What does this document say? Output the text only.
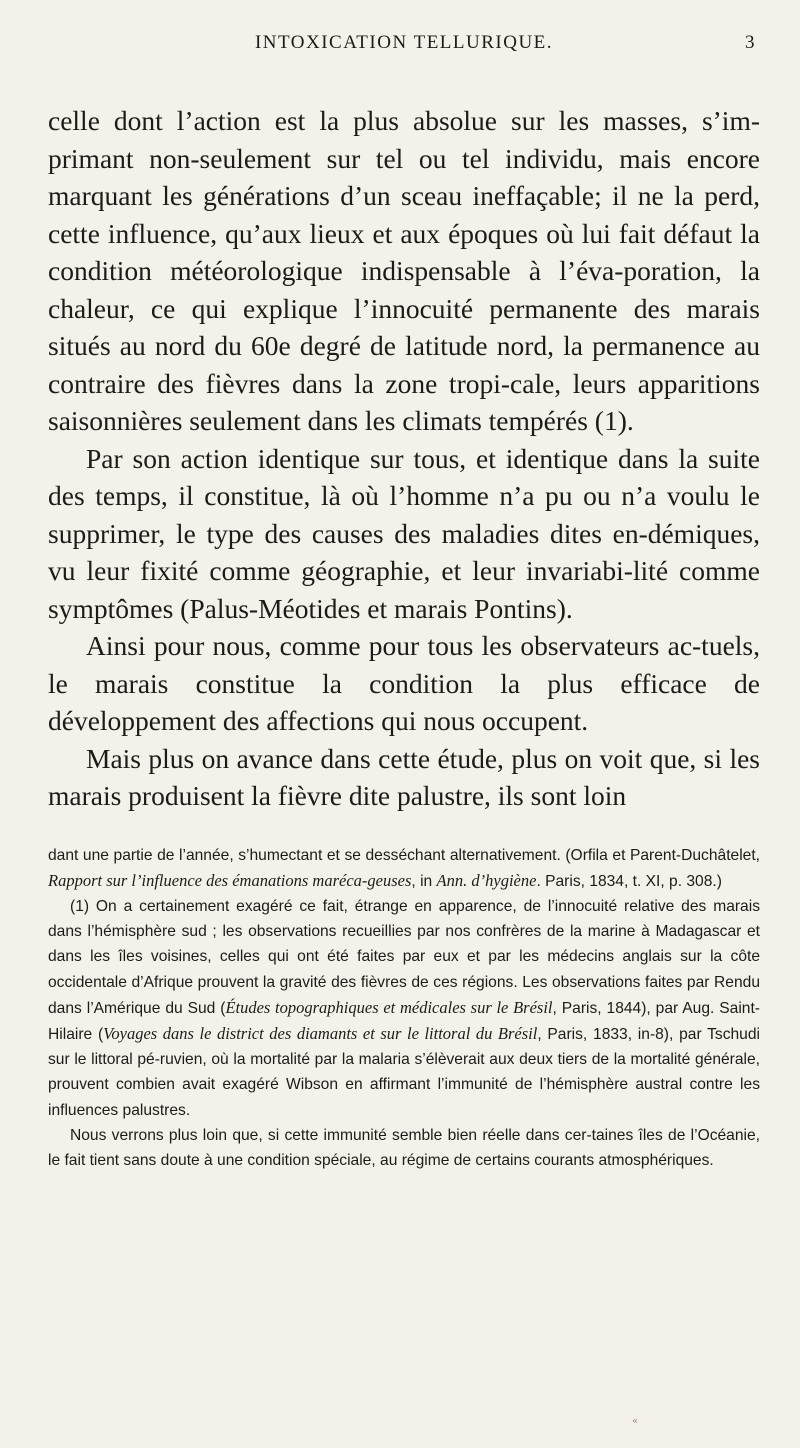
INTOXICATION TELLURIQUE.	3

celle dont l’action est la plus absolue sur les masses, s’im-primant non-seulement sur tel ou tel individu, mais encore marquant les générations d’un sceau ineffaçable; il ne la perd, cette influence, qu’aux lieux et aux époques où lui fait défaut la condition météorologique indispensable à l’éva-poration, la chaleur, ce qui explique l’innocuité permanente des marais situés au nord du 60e degré de latitude nord, la permanence au contraire des fièvres dans la zone tropi-cale, leurs apparitions saisonnières seulement dans les climats tempérés (1).

Par son action identique sur tous, et identique dans la suite des temps, il constitue, là où l’homme n’a pu ou n’a voulu le supprimer, le type des causes des maladies dites en-démiques, vu leur fixité comme géographie, et leur invariabi-lité comme symptômes (Palus-Méotides et marais Pontins).

Ainsi pour nous, comme pour tous les observateurs ac-tuels, le marais constitue la condition la plus efficace de développement des affections qui nous occupent.

Mais plus on avance dans cette étude, plus on voit que, si les marais produisent la fièvre dite palustre, ils sont loin

dant une partie de l’année, s’humectant et se desséchant alternativement. (Orfila et Parent-Duchâtelet, Rapport sur l’influence des émanations maréca-geuses, in Ann. d’hygiène. Paris, 1834, t. XI, p. 308.)

(1) On a certainement exagéré ce fait, étrange en apparence, de l’innocuité relative des marais dans l’hémisphère sud ; les observations recueillies par nos confrères de la marine à Madagascar et dans les îles voisines, celles qui ont été faites par eux et par les médecins anglais sur la côte occidentale d’Afrique prouvent la gravité des fièvres de ces régions. Les observations faites par Rendu dans l’Amérique du Sud (Études topographiques et médicales sur le Brésil, Paris, 1844), par Aug. Saint-Hilaire (Voyages dans le district des diamants et sur le littoral du Brésil, Paris, 1833, in-8), par Tschudi sur le littoral pé-ruvien, où la mortalité par la malaria s’élèverait aux deux tiers de la mortalité générale, prouvent combien avait exagéré Wibson en affirmant l’immunité de l’hémisphère austral contre les influences palustres.

Nous verrons plus loin que, si cette immunité semble bien réelle dans cer-taines îles de l’Océanie, le fait tient sans doute à une condition spéciale, au régime de certains courants atmosphériques.

«
